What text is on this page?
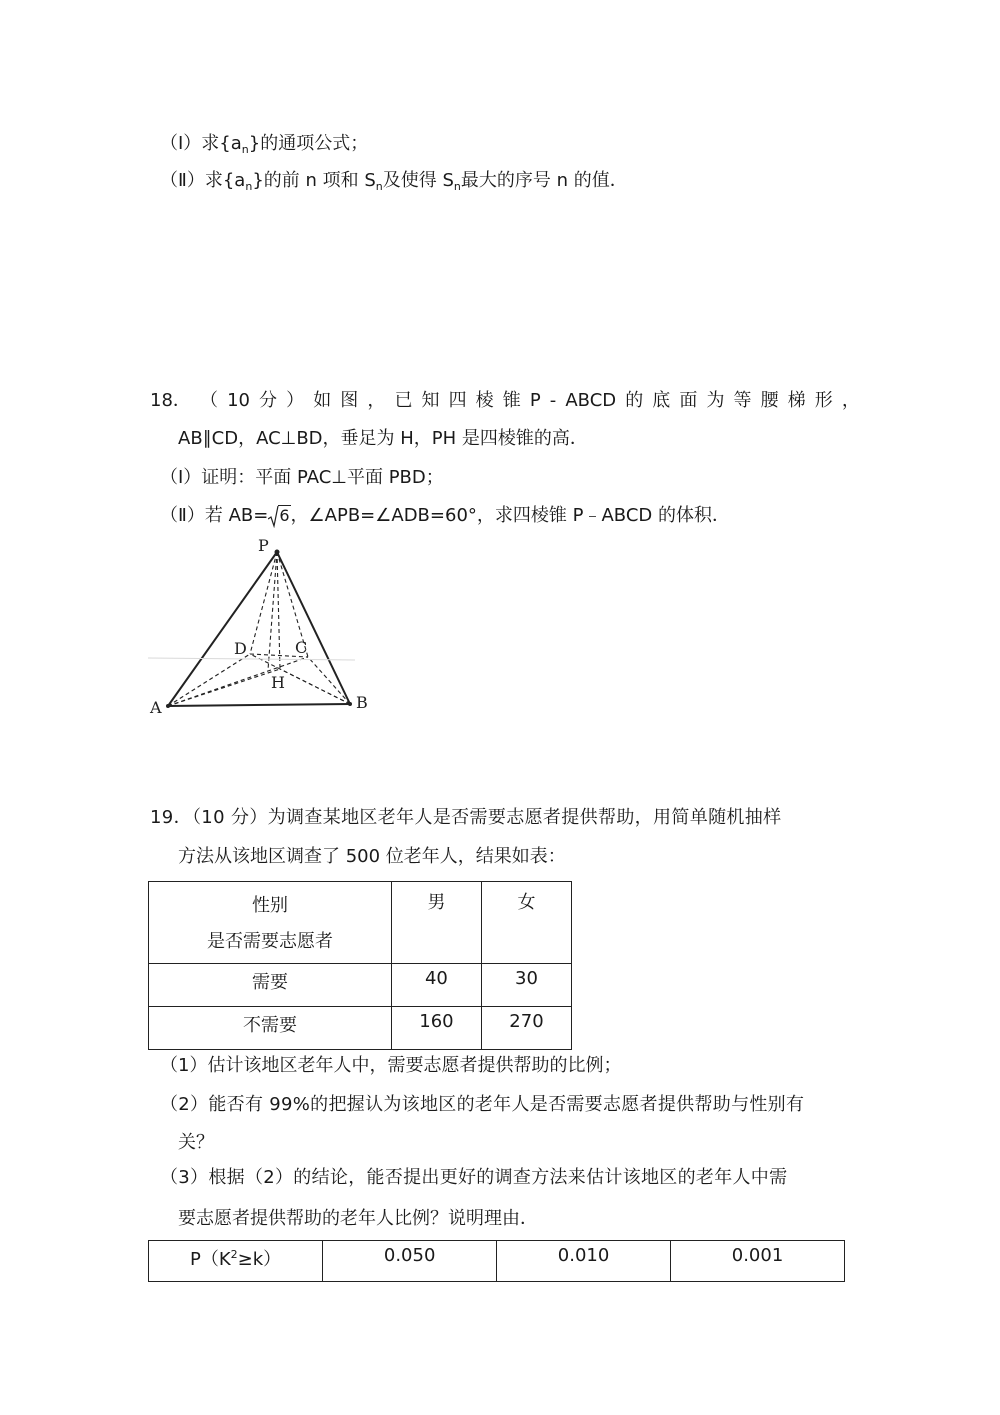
（Ⅰ）求$\{a_n\}$的通项公式；
（Ⅱ）求$\{a_n\}$的前 n 项和 $S_n$及使得 $S_n$最大的序号 n 的值．
18． （ 10 分 ） 如 图 ， 已 知 四 棱 锥 P - ABCD 的 底 面 为 等 腰 梯 形 ，
AB∥CD，AC⊥BD，垂足为 H，PH 是四棱锥的高．
（Ⅰ）证明：平面 PAC⊥平面 PBD；
（Ⅱ）若 AB= 6，∠APB=∠ADB=60°，求四棱锥 P﹣ABCD 的体积．
P
A	B
C
D
H
19．（10 分）为调查某地区老年人是否需要志愿者提供帮助，用简单随机抽样
方法从该地区调查了 500 位老年人，结果如表：
性别
是否需要志愿者	男	女
需要	40	30
不需要	160	270
（1）估计该地区老年人中，需要志愿者提供帮助的比例；
（2）能否有 99%的把握认为该地区的老年人是否需要志愿者提供帮助与性别有
关？
（3）根据（2）的结论，能否提出更好的调查方法来估计该地区的老年人中需
要志愿者提供帮助的老年人比例？说明理由．
$P(K^2\ge k)$	0.050	0.010	0.001
